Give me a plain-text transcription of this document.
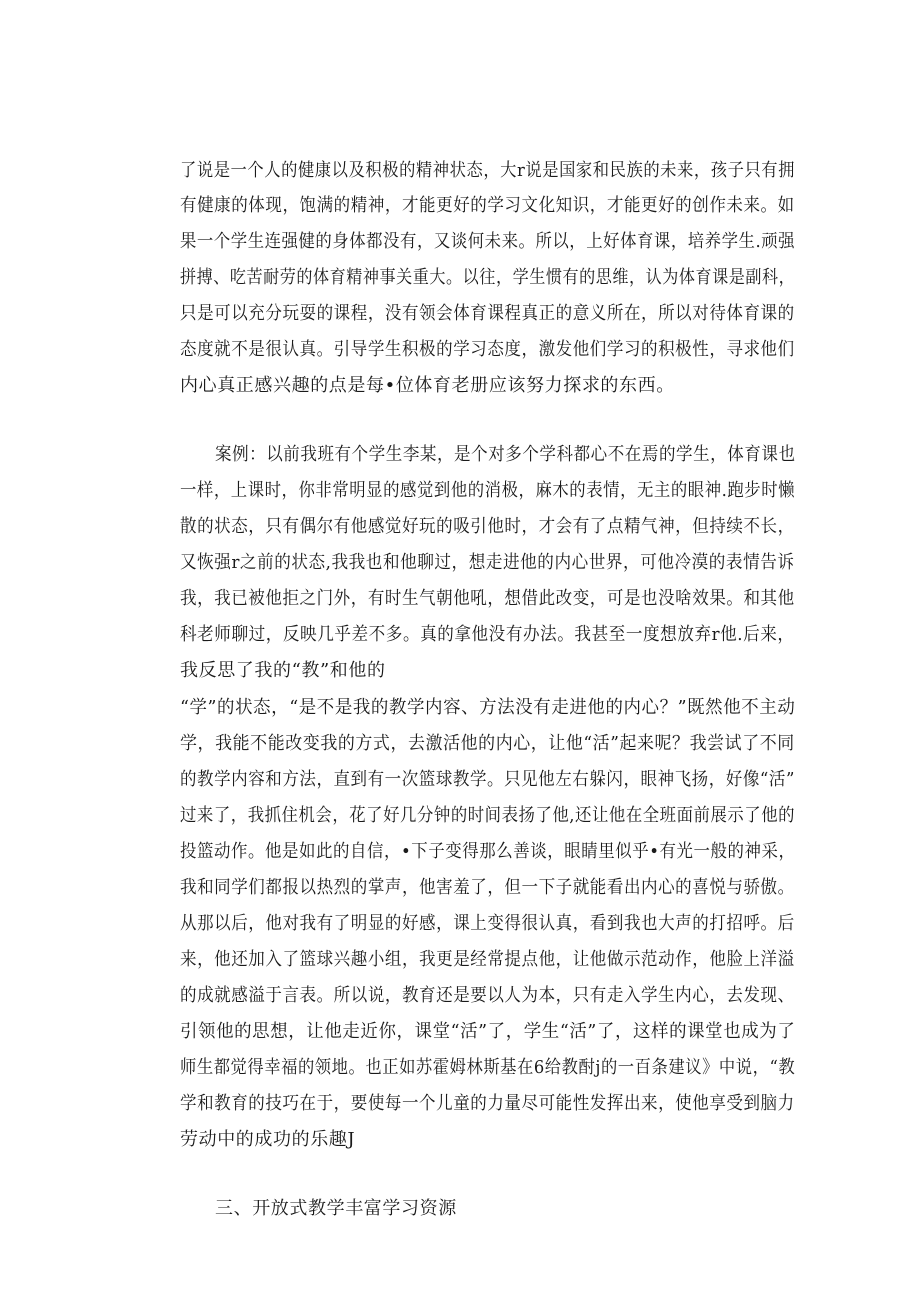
了说是一个人的健康以及积极的精神状态，大r说是国家和民族的未来，孩子只有拥
有健康的体现，饱满的精神，才能更好的学习文化知识，才能更好的创作未来。如
果一个学生连强健的身体都没有，又谈何未来。所以，上好体育课，培养学生.顽强
拼搏、吃苦耐劳的体育精神事关重大。以往，学生惯有的思维，认为体育课是副科，
只是可以充分玩耍的课程，没有领会体育课程真正的意义所在，所以对待体育课的
态度就不是很认真。引导学生积极的学习态度，激发他们学习的积极性，寻求他们
内心真正感兴趣的点是每•位体育老册应该努力探求的东西。
案例：以前我班有个学生李某，是个对多个学科都心不在焉的学生，体育课也
一样，上课时，你非常明显的感觉到他的消极，麻木的表情，无主的眼神.跑步时懒
散的状态，只有偶尔有他感觉好玩的吸引他时，才会有了点精气神，但持续不长，
又恢强r之前的状态,我我也和他聊过，想走进他的内心世界，可他冷漠的表情告诉
我，我已被他拒之门外，有时生气朝他吼，想借此改变，可是也没啥效果。和其他
科老师聊过，反映几乎差不多。真的拿他没有办法。我甚至一度想放弃r他.后来，
我反思了我的“教”和他的
“学”的状态，“是不是我的教学内容、方法没有走进他的内心？”既然他不主动
学，我能不能改变我的方式，去激活他的内心，让他“活”起来呢？我尝试了不同
的教学内容和方法，直到有一次篮球教学。只见他左右躲闪，眼神飞扬，好像“活”
过来了，我抓住机会，花了好几分钟的时间表扬了他,还让他在全班面前展示了他的
投篮动作。他是如此的自信，•下子变得那么善谈，眼睛里似乎•有光一般的神采，
我和同学们都报以热烈的掌声，他害羞了，但一下子就能看出内心的喜悦与骄傲。
从那以后，他对我有了明显的好感，课上变得很认真，看到我也大声的打招呼。后
来，他还加入了篮球兴趣小组，我更是经常提点他，让他做示范动作，他脸上洋溢
的成就感溢于言表。所以说，教育还是要以人为本，只有走入学生内心，去发现、
引领他的思想，让他走近你，课堂“活”了，学生“活”了，这样的课堂也成为了
师生都觉得幸福的领地。也正如苏霍姆林斯基在6给教酎j的一百条建议》中说，“教
学和教育的技巧在于，要使每一个儿童的力量尽可能性发挥出来，使他享受到脑力
劳动中的成功的乐趣J
三、开放式教学丰富学习资源
